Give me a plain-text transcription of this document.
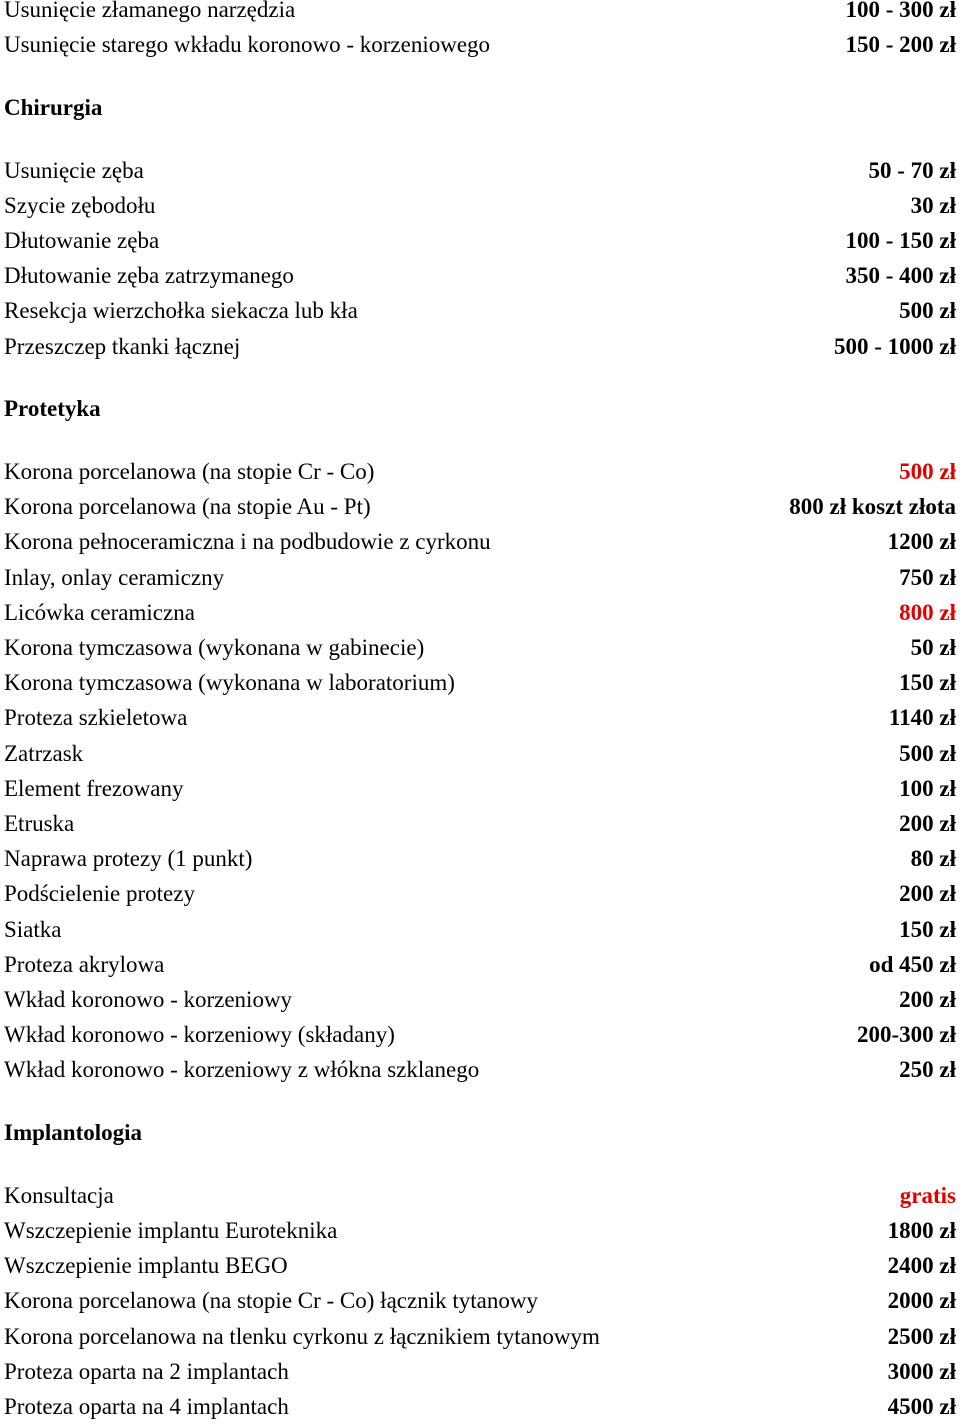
Usunięcie złamanego narzędzia	100 - 300 zł
Usunięcie starego wkładu koronowo - korzeniowego	150 - 200 zł
Chirurgia
Usunięcie zęba	50 - 70 zł
Szycie zębodołu	30 zł
Dłutowanie zęba	100 - 150 zł
Dłutowanie zęba zatrzymanego	350 - 400 zł
Resekcja wierzchołka siekacza lub kła	500 zł
Przeszczep tkanki łącznej	500 - 1000 zł
Protetyka
Korona porcelanowa (na stopie Cr - Co)	500 zł
Korona porcelanowa (na stopie Au - Pt)	800 zł koszt złota
Korona pełnoceramiczna i na podbudowie z cyrkonu	1200 zł
Inlay, onlay ceramiczny	750 zł
Licówka ceramiczna	800 zł
Korona tymczasowa (wykonana w gabinecie)	50 zł
Korona tymczasowa (wykonana w laboratorium)	150 zł
Proteza szkieletowa	1140 zł
Zatrzask	500 zł
Element frezowany	100 zł
Etruska	200 zł
Naprawa protezy (1 punkt)	80 zł
Podścielenie protezy	200 zł
Siatka	150 zł
Proteza akrylowa	od 450 zł
Wkład koronowo - korzeniowy	200 zł
Wkład koronowo - korzeniowy (składany)	200-300 zł
Wkład koronowo - korzeniowy z włókna szklanego	250 zł
Implantologia
Konsultacja	gratis
Wszczepienie implantu Euroteknika	1800 zł
Wszczepienie implantu BEGO	2400 zł
Korona porcelanowa (na stopie Cr - Co) łącznik tytanowy	2000 zł
Korona porcelanowa na tlenku cyrkonu z łącznikiem tytanowym	2500 zł
Proteza oparta na 2 implantach	3000 zł
Proteza oparta na 4 implantach	4500 zł
